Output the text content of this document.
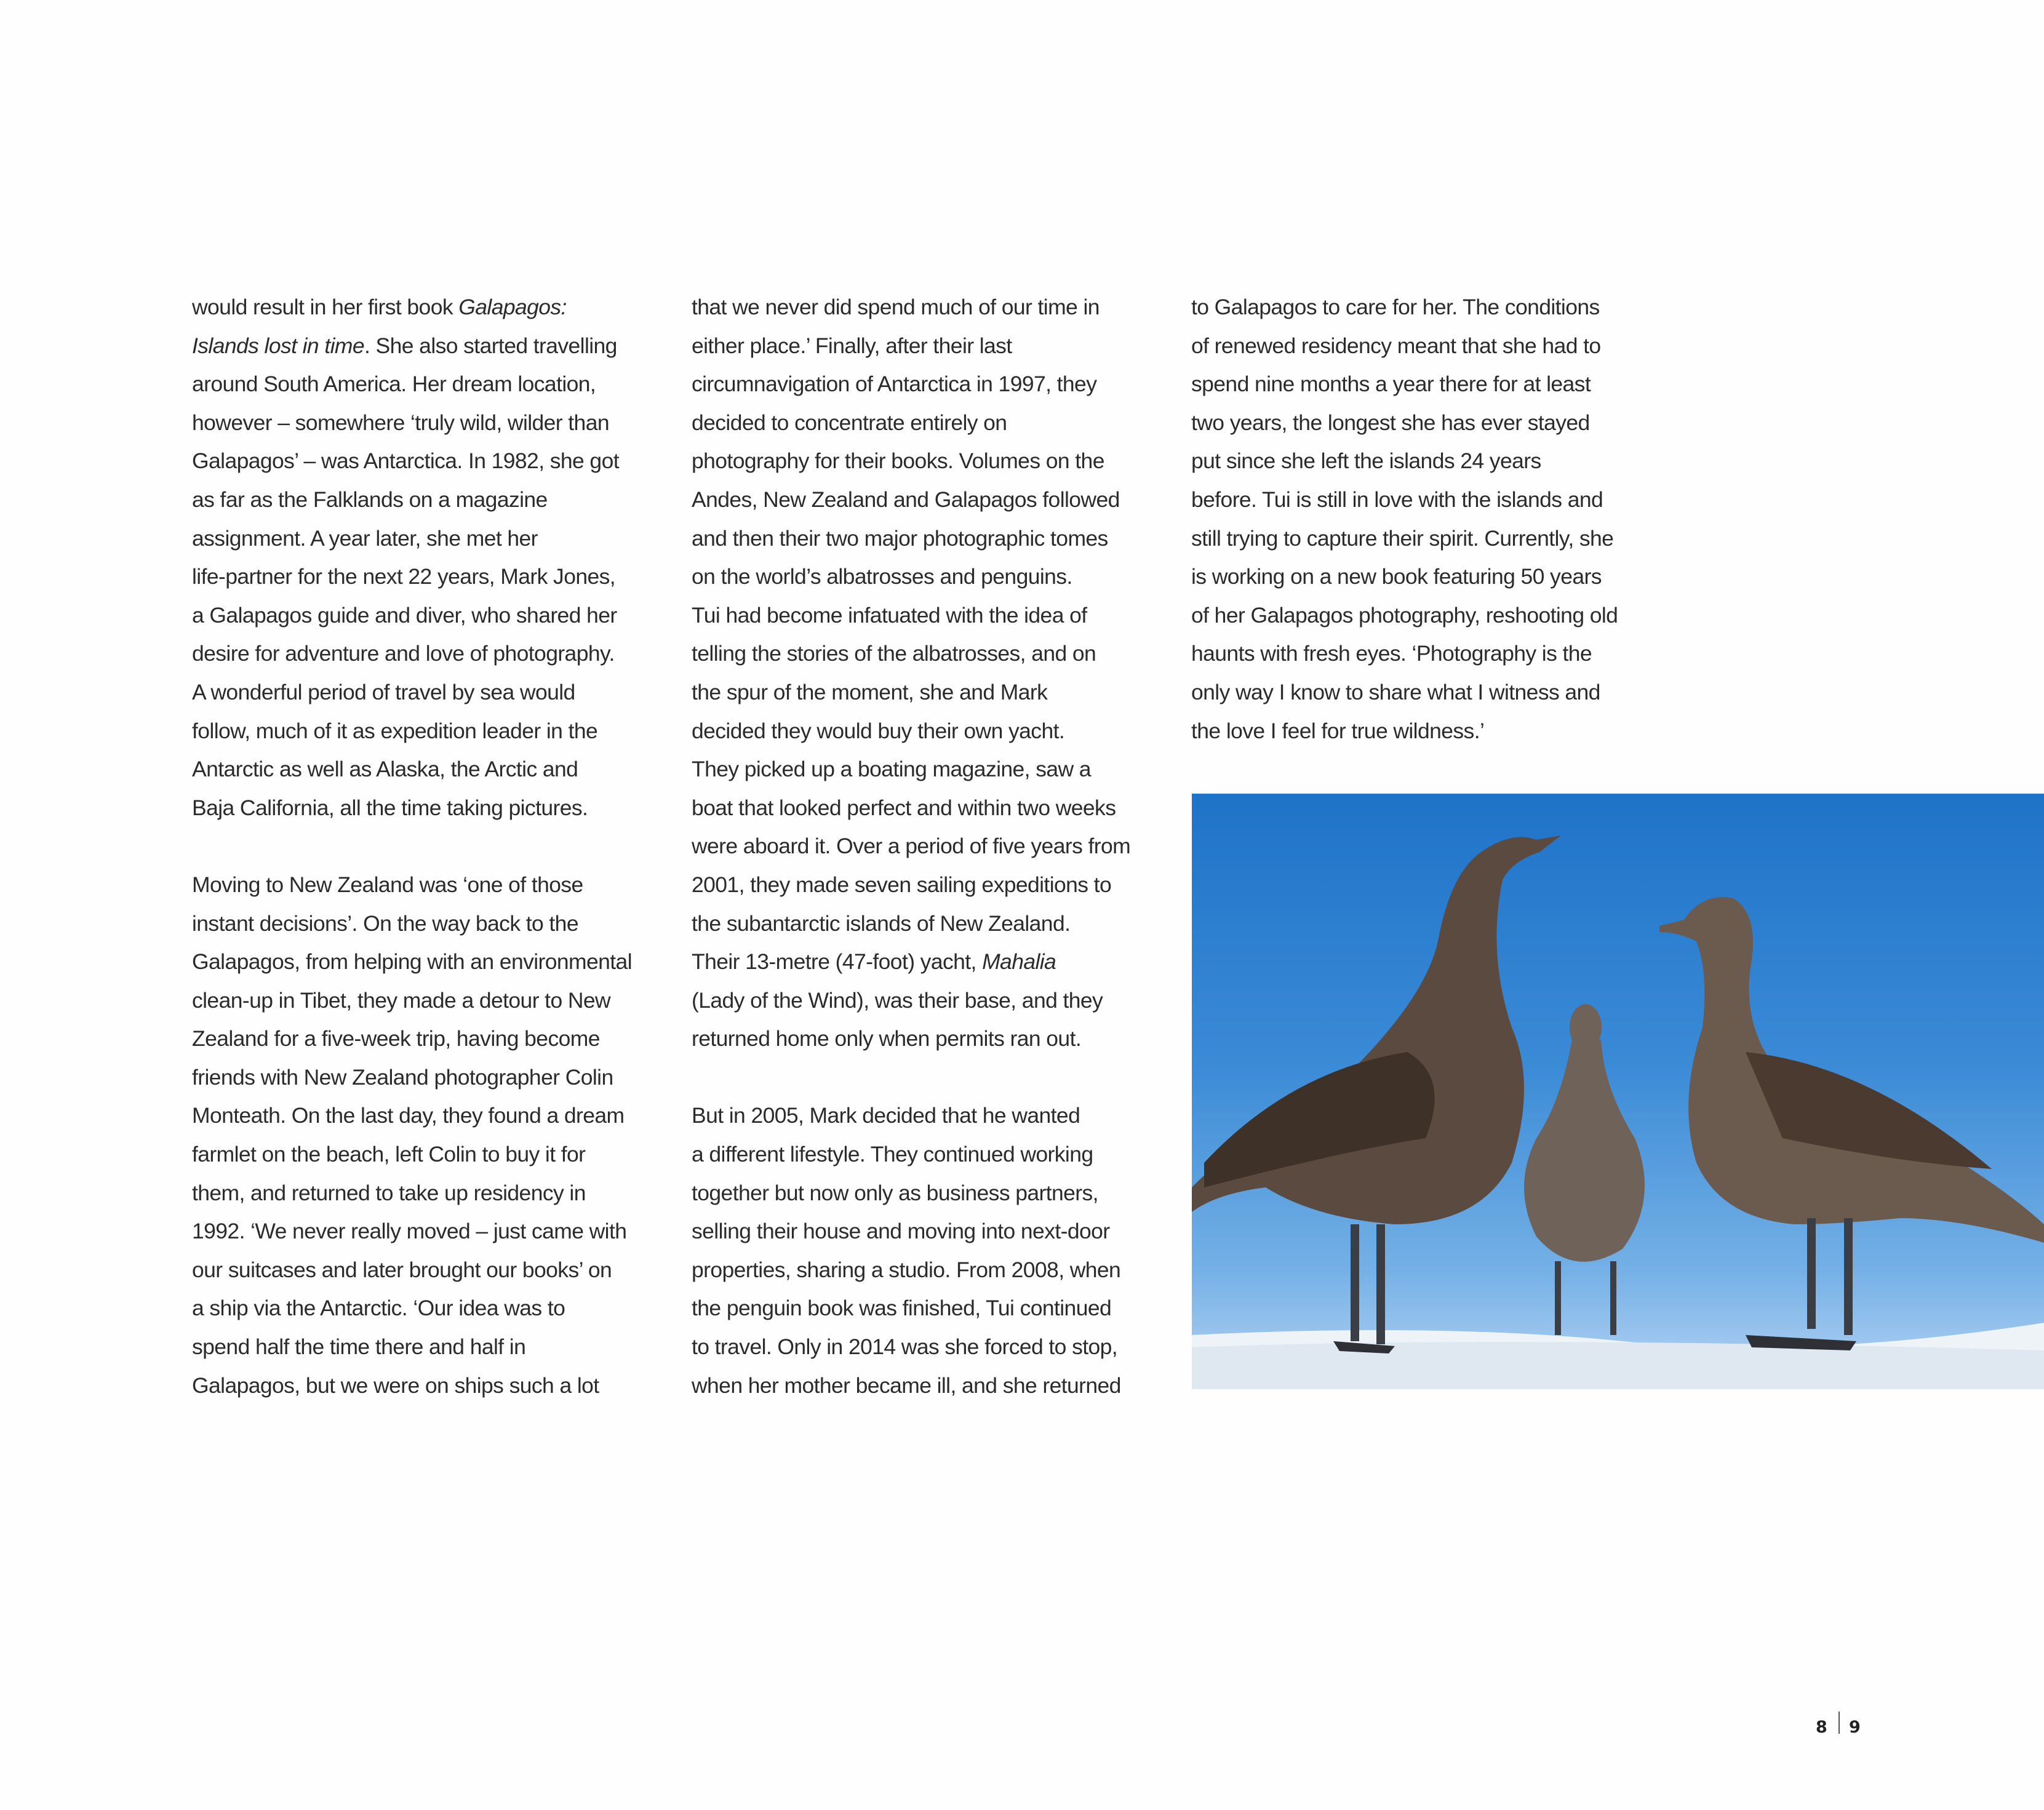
would result in her first book Galapagos:
Islands lost in time. She also started travelling
around South America. Her dream location,
however – somewhere ‘truly wild, wilder than
Galapagos’ – was Antarctica. In 1982, she got
as far as the Falklands on a magazine
assignment. A year later, she met her
life-partner for the next 22 years, Mark Jones,
a Galapagos guide and diver, who shared her
desire for adventure and love of photography.
A wonderful period of travel by sea would
follow, much of it as expedition leader in the
Antarctic as well as Alaska, the Arctic and
Baja California, all the time taking pictures.
Moving to New Zealand was ‘one of those
instant decisions’. On the way back to the
Galapagos, from helping with an environmental
clean-up in Tibet, they made a detour to New
Zealand for a five-week trip, having become
friends with New Zealand photographer Colin
Monteath. On the last day, they found a dream
farmlet on the beach, left Colin to buy it for
them, and returned to take up residency in
1992. ‘We never really moved – just came with
our suitcases and later brought our books’ on
a ship via the Antarctic. ‘Our idea was to
spend half the time there and half in
Galapagos, but we were on ships such a lot
that we never did spend much of our time in
either place.’ Finally, after their last
circumnavigation of Antarctica in 1997, they
decided to concentrate entirely on
photography for their books. Volumes on the
Andes, New Zealand and Galapagos followed
and then their two major photographic tomes
on the world’s albatrosses and penguins.
Tui had become infatuated with the idea of
telling the stories of the albatrosses, and on
the spur of the moment, she and Mark
decided they would buy their own yacht.
They picked up a boating magazine, saw a
boat that looked perfect and within two weeks
were aboard it. Over a period of five years from
2001, they made seven sailing expeditions to
the subantarctic islands of New Zealand.
Their 13-metre (47-foot) yacht, Mahalia
(Lady of the Wind), was their base, and they
returned home only when permits ran out.
But in 2005, Mark decided that he wanted
a different lifestyle. They continued working
together but now only as business partners,
selling their house and moving into next-door
properties, sharing a studio. From 2008, when
the penguin book was finished, Tui continued
to travel. Only in 2014 was she forced to stop,
when her mother became ill, and she returned
to Galapagos to care for her. The conditions
of renewed residency meant that she had to
spend nine months a year there for at least
two years, the longest she has ever stayed
put since she left the islands 24 years
before. Tui is still in love with the islands and
still trying to capture their spirit. Currently, she
is working on a new book featuring 50 years
of her Galapagos photography, reshooting old
haunts with fresh eyes. ‘Photography is the
only way I know to share what I witness and
the love I feel for true wildness.’
8 9
